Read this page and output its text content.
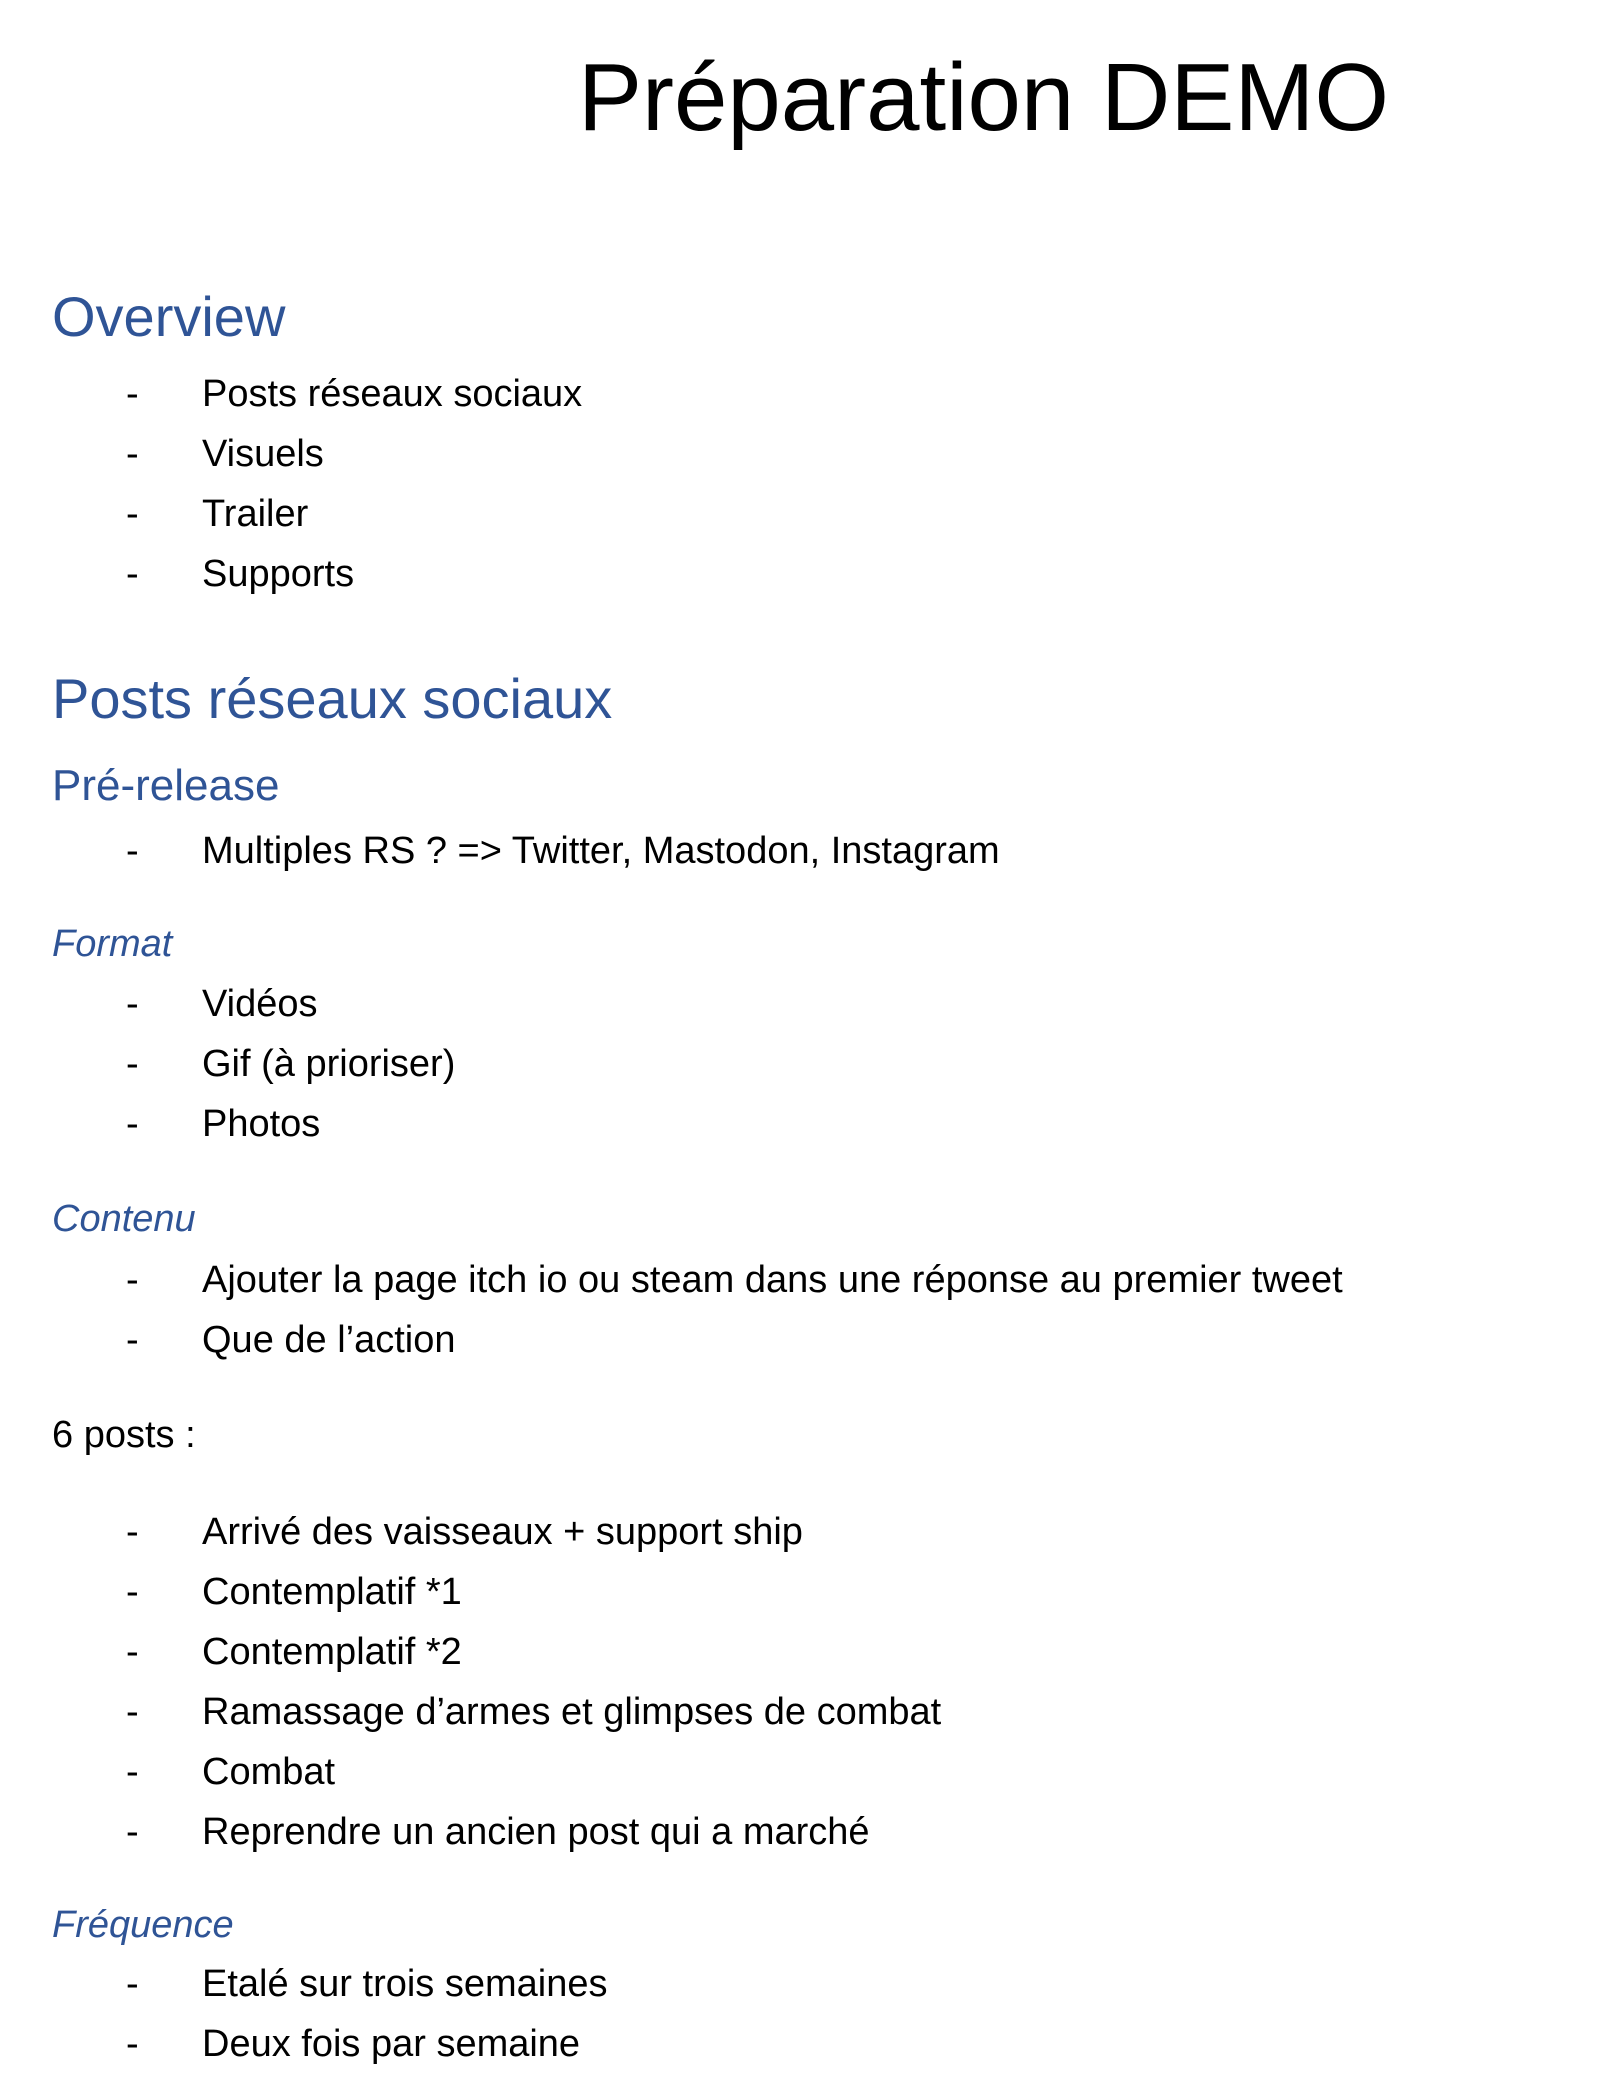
Préparation DEMO
Overview
- Posts réseaux sociaux
- Visuels
- Trailer
- Supports
Posts réseaux sociaux
Pré-release
- Multiples RS ? => Twitter, Mastodon, Instagram
Format
- Vidéos
- Gif (à prioriser)
- Photos
Contenu
- Ajouter la page itch io ou steam dans une réponse au premier tweet
- Que de l’action

6 posts :

- Arrivé des vaisseaux + support ship
- Contemplatif *1
- Contemplatif *2
- Ramassage d’armes et glimpses de combat
- Combat
- Reprendre un ancien post qui a marché
Fréquence
- Etalé sur trois semaines
- Deux fois par semaine
